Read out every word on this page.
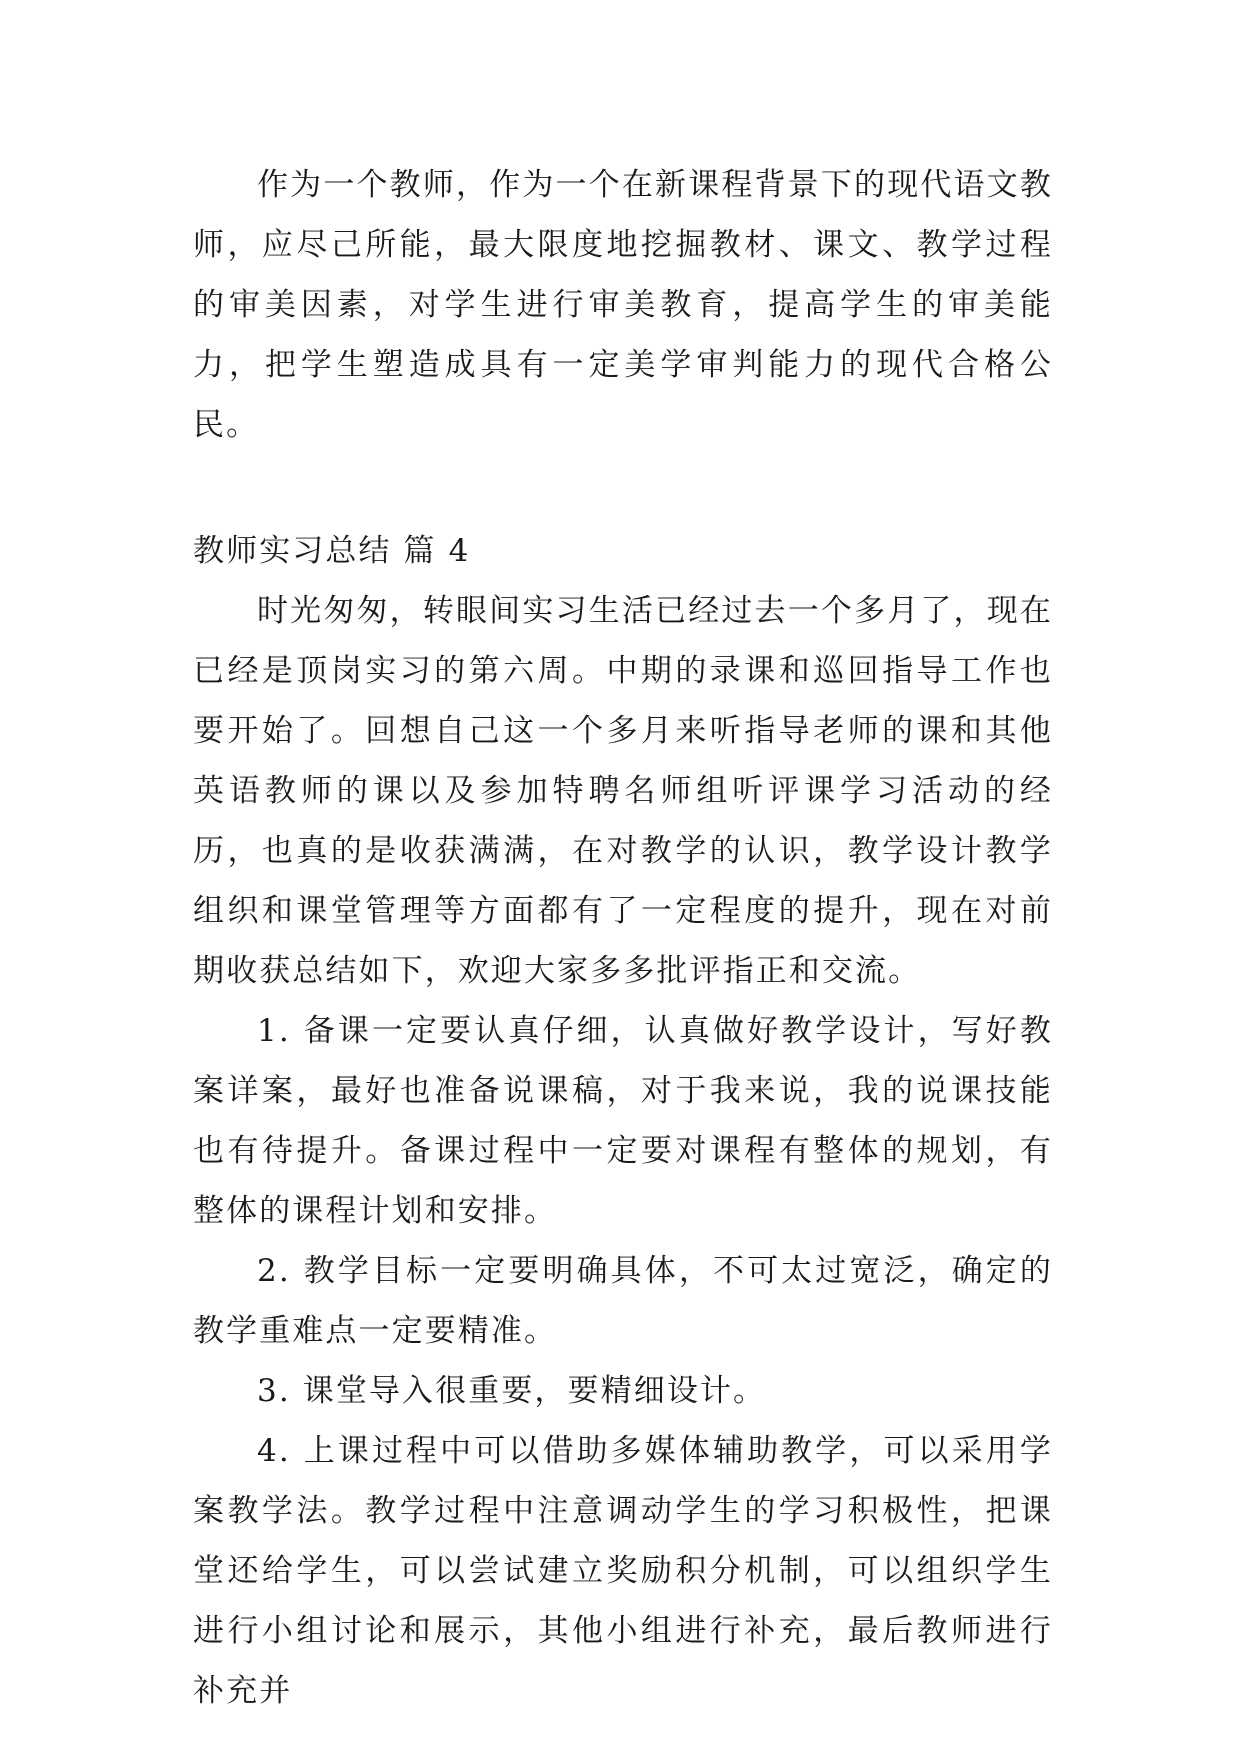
作为一个教师，作为一个在新课程背景下的现代语文教师，应尽己所能，最大限度地挖掘教材、课文、教学过程的审美因素，对学生进行审美教育，提高学生的审美能力，把学生塑造成具有一定美学审判能力的现代合格公民。

教师实习总结 篇 4

时光匆匆，转眼间实习生活已经过去一个多月了，现在已经是顶岗实习的第六周。中期的录课和巡回指导工作也要开始了。回想自己这一个多月来听指导老师的课和其他英语教师的课以及参加特聘名师组听评课学习活动的经历，也真的是收获满满，在对教学的认识，教学设计教学组织和课堂管理等方面都有了一定程度的提升，现在对前期收获总结如下，欢迎大家多多批评指正和交流。

1. 备课一定要认真仔细，认真做好教学设计，写好教案详案，最好也准备说课稿，对于我来说，我的说课技能也有待提升。备课过程中一定要对课程有整体的规划，有整体的课程计划和安排。

2. 教学目标一定要明确具体，不可太过宽泛，确定的教学重难点一定要精准。

3. 课堂导入很重要，要精细设计。

4. 上课过程中可以借助多媒体辅助教学，可以采用学案教学法。教学过程中注意调动学生的学习积极性，把课堂还给学生，可以尝试建立奖励积分机制，可以组织学生进行小组讨论和展示，其他小组进行补充，最后教师进行补充并
